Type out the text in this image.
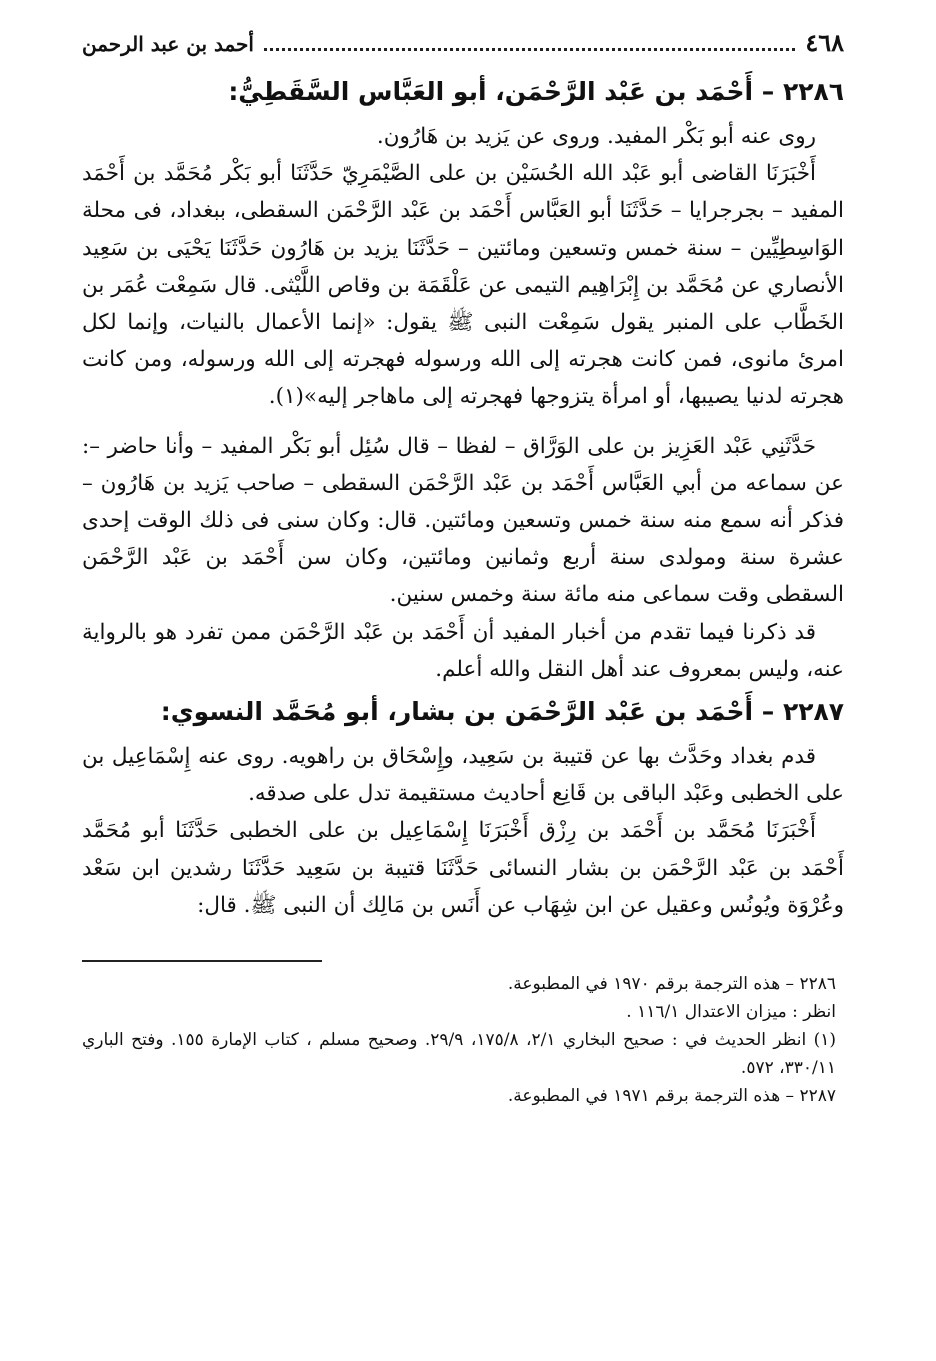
٤٦٨
أحمد بن عبد الرحمن
٢٢٨٦ – أَحْمَد بن عَبْد الرَّحْمَن، أبو العَبَّاس السَّقَطِيُّ:

روى عنه أبو بَكْر المفيد. وروى عن يَزيد بن هَارُون.

أَخْبَرَنَا القاضى أبو عَبْد الله الحُسَيْن بن على الصَّيْمَرِيّ حَدَّثَنَا أبو بَكْر مُحَمَّد بن أَحْمَد المفيد – بجرجرايا – حَدَّثَنَا أبو العَبَّاس أَحْمَد بن عَبْد الرَّحْمَن السقطى، ببغداد، فى محلة الوَاسِطِيِّين – سنة خمس وتسعين ومائتين – حَدَّثَنَا يزيد بن هَارُون حَدَّثَنَا يَحْيَى بن سَعِيد الأنصاري عن مُحَمَّد بن إِبْرَاهِيم التيمى عن عَلْقَمَة بن وقاص اللَّيْثى. قال سَمِعْت عُمَر بن الخَطَّاب على المنبر يقول سَمِعْت النبى ﷺ يقول: «إنما الأعمال بالنيات، وإنما لكل امرئ مانوى، فمن كانت هجرته إلى الله ورسوله فهجرته إلى الله ورسوله، ومن كانت هجرته لدنيا يصيبها، أو امرأة يتزوجها فهجرته إلى ماهاجر إليه»(١).

حَدَّثَنِي عَبْد العَزِيز بن على الوَرَّاق – لفظا – قال سُئِل أبو بَكْر المفيد – وأنا حاضر –: عن سماعه من أبي العَبَّاس أَحْمَد بن عَبْد الرَّحْمَن السقطى – صاحب يَزيد بن هَارُون – فذكر أنه سمع منه سنة خمس وتسعين ومائتين. قال: وكان سنى فى ذلك الوقت إحدى عشرة سنة ومولدى سنة أربع وثمانين ومائتين، وكان سن أَحْمَد بن عَبْد الرَّحْمَن السقطى وقت سماعى منه مائة سنة وخمس سنين.

قد ذكرنا فيما تقدم من أخبار المفيد أن أَحْمَد بن عَبْد الرَّحْمَن ممن تفرد هو بالرواية عنه، وليس بمعروف عند أهل النقل والله أعلم.

٢٢٨٧ – أَحْمَد بن عَبْد الرَّحْمَن بن بشار، أبو مُحَمَّد النسوي:

قدم بغداد وحَدَّث بها عن قتيبة بن سَعِيد، وإِسْحَاق بن راهويه. روى عنه إِسْمَاعِيل بن على الخطبى وعَبْد الباقى بن قَانِع أحاديث مستقيمة تدل على صدقه.

أَخْبَرَنَا مُحَمَّد بن أَحْمَد بن رِزْق أَخْبَرَنَا إِسْمَاعِيل بن على الخطبى حَدَّثَنَا أبو مُحَمَّد أَحْمَد بن عَبْد الرَّحْمَن بن بشار النسائى حَدَّثَنَا قتيبة بن سَعِيد حَدَّثَنَا رشدين ابن سَعْد وعُرْوَة ويُونُس وعقيل عن ابن شِهَاب عن أَنَس بن مَالِك أن النبى ﷺ. قال:

٢٢٨٦ – هذه الترجمة برقم ١٩٧٠ في المطبوعة.

انظر : ميزان الاعتدال ١١٦/١ .

(١) انظر الحديث في : صحيح البخاري ٢/١، ١٧٥/٨، ٢٩/٩. وصحيح مسلم ، كتاب الإمارة ١٥٥. وفتح الباري ٣٣٠/١١، ٥٧٢.

٢٢٨٧ – هذه الترجمة برقم ١٩٧١ في المطبوعة.
